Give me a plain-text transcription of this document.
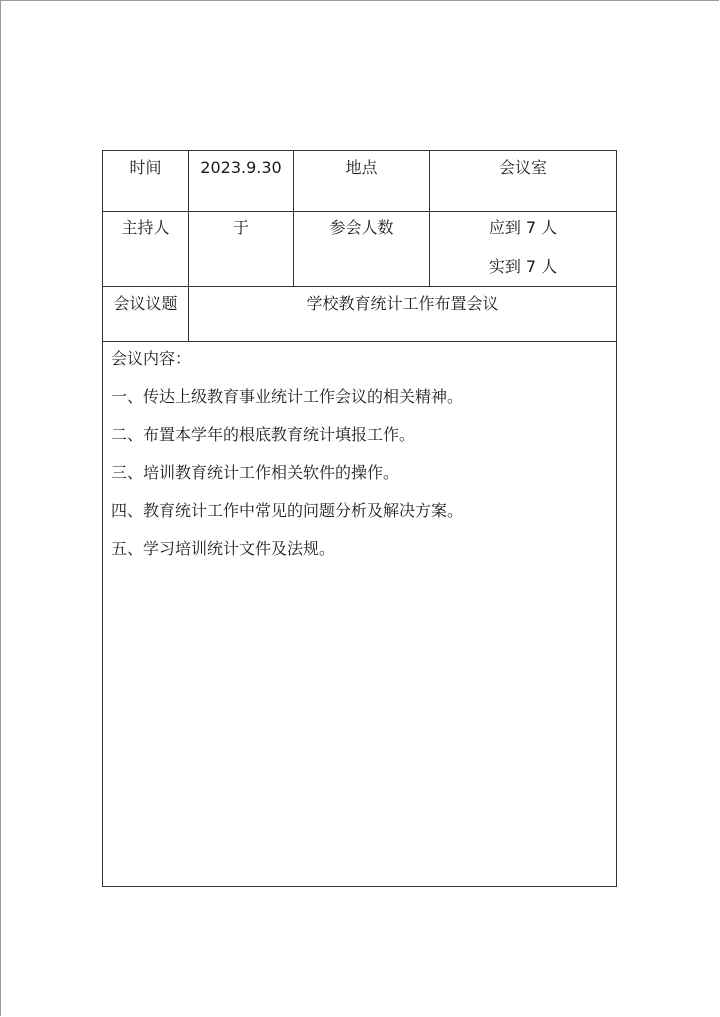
时间	2023.9.30	地点	会议室
主持人	于	参会人数	应到 7 人
实到 7 人
会议议题	学校教育统计工作布置会议
会议内容：
一、传达上级教育事业统计工作会议的相关精神。
二、布置本学年的根底教育统计填报工作。
三、培训教育统计工作相关软件的操作。
四、教育统计工作中常见的问题分析及解决方案。
五、学习培训统计文件及法规。
